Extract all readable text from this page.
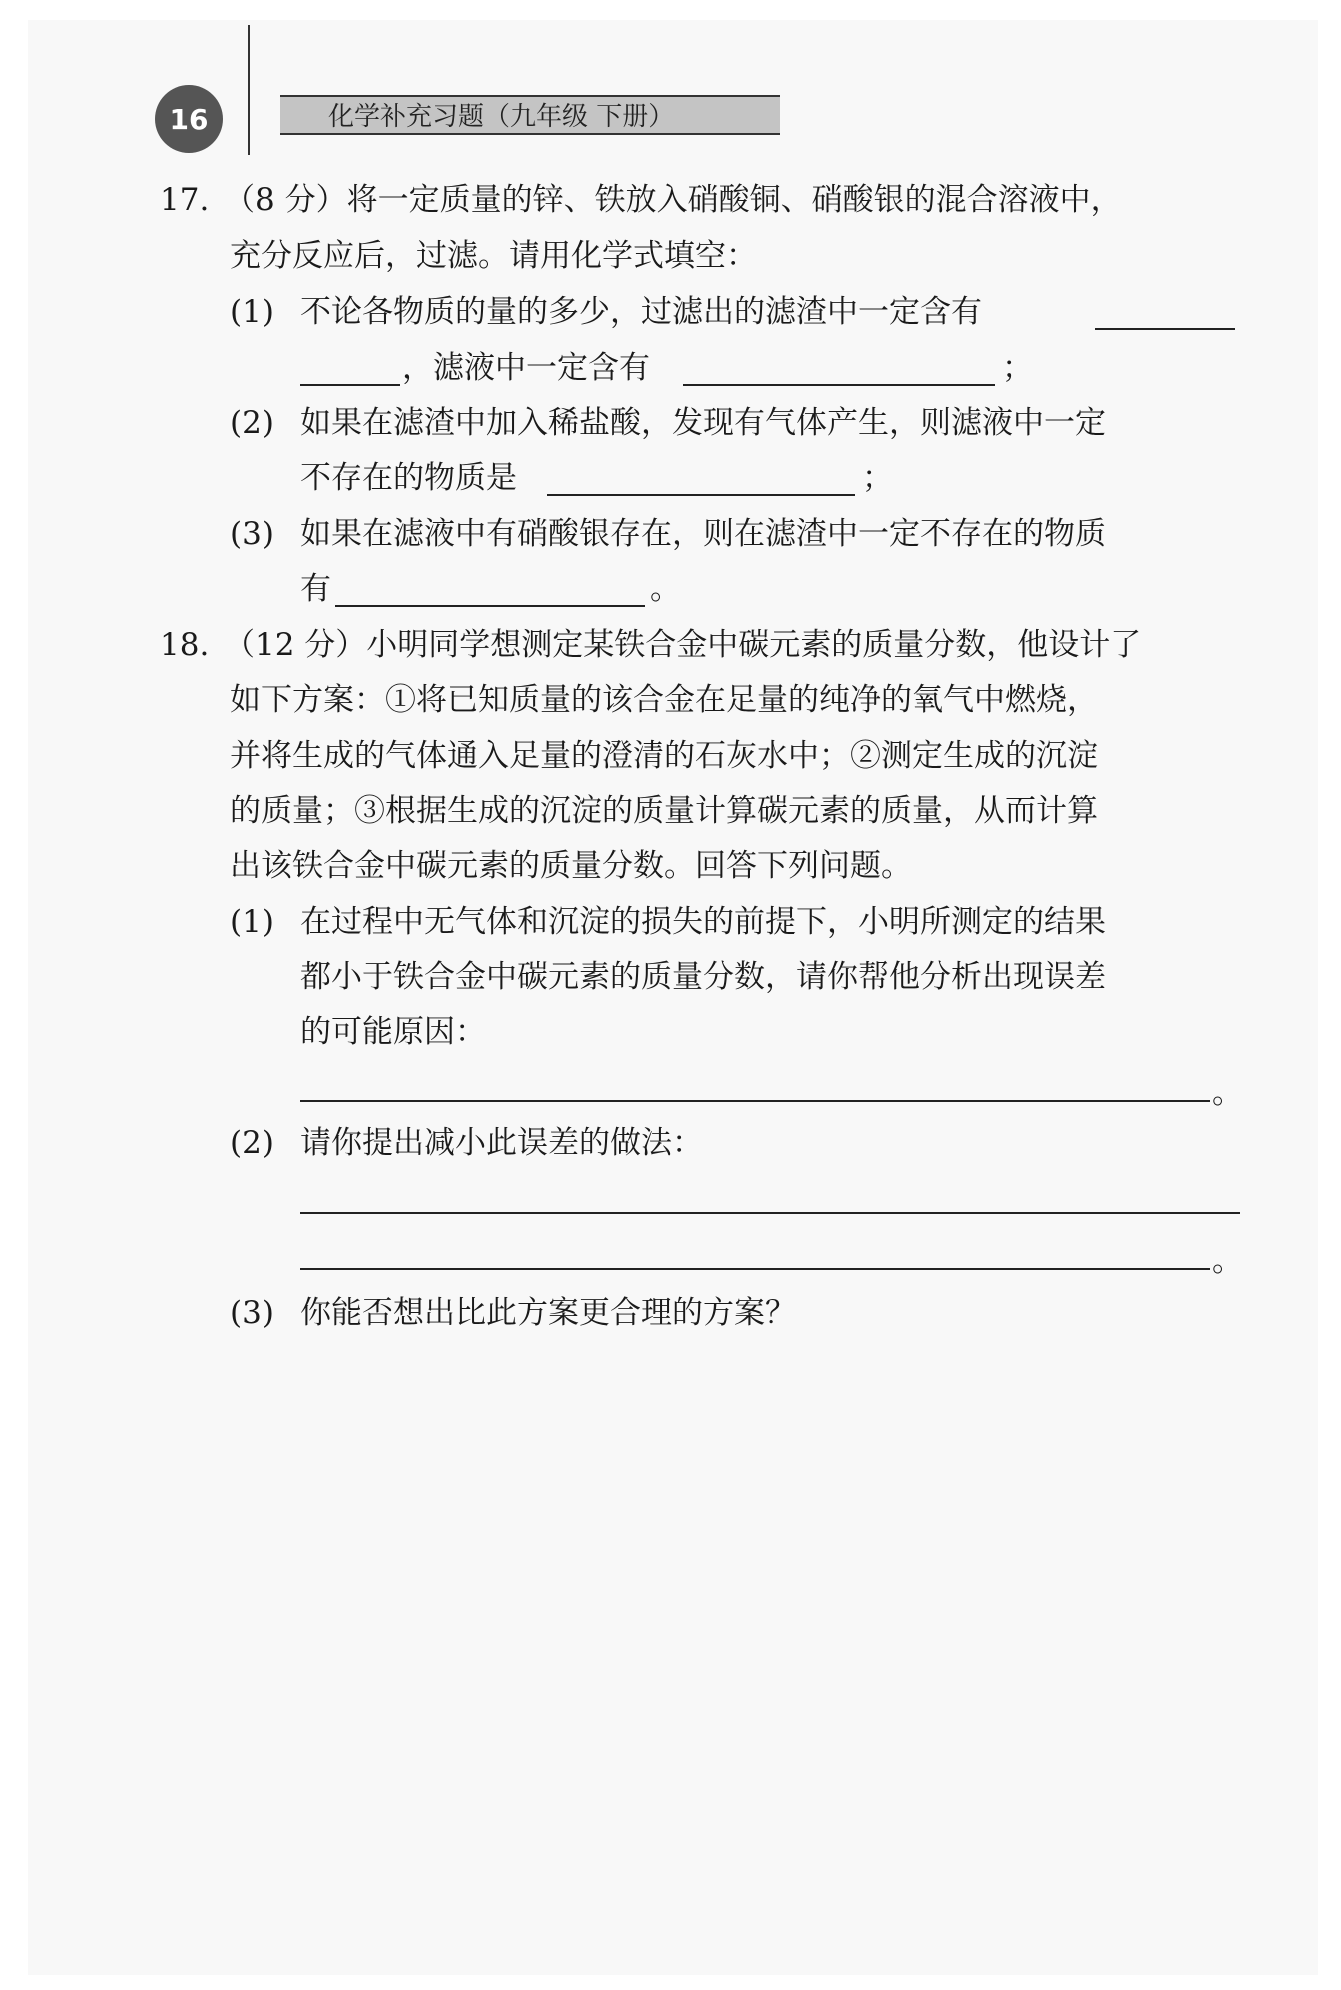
16	化学补充习题（九年级 下册）
17. （8 分）将一定质量的锌、铁放入硝酸铜、硝酸银的混合溶液中，
充分反应后，过滤。请用化学式填空：
(1) 不论各物质的量的多少，过滤出的滤渣中一定含有
，滤液中一定含有	；
(2) 如果在滤渣中加入稀盐酸，发现有气体产生，则滤液中一定
不存在的物质是	；
(3) 如果在滤液中有硝酸银存在，则在滤渣中一定不存在的物质
有	。
18. （12 分）小明同学想测定某铁合金中碳元素的质量分数，他设计了
如下方案：①将已知质量的该合金在足量的纯净的氧气中燃烧，
并将生成的气体通入足量的澄清的石灰水中；②测定生成的沉淀
的质量；③根据生成的沉淀的质量计算碳元素的质量，从而计算
出该铁合金中碳元素的质量分数。回答下列问题。
(1) 在过程中无气体和沉淀的损失的前提下，小明所测定的结果
都小于铁合金中碳元素的质量分数，请你帮他分析出现误差
的可能原因：
。
(2) 请你提出减小此误差的做法：
。
(3) 你能否想出比此方案更合理的方案？
